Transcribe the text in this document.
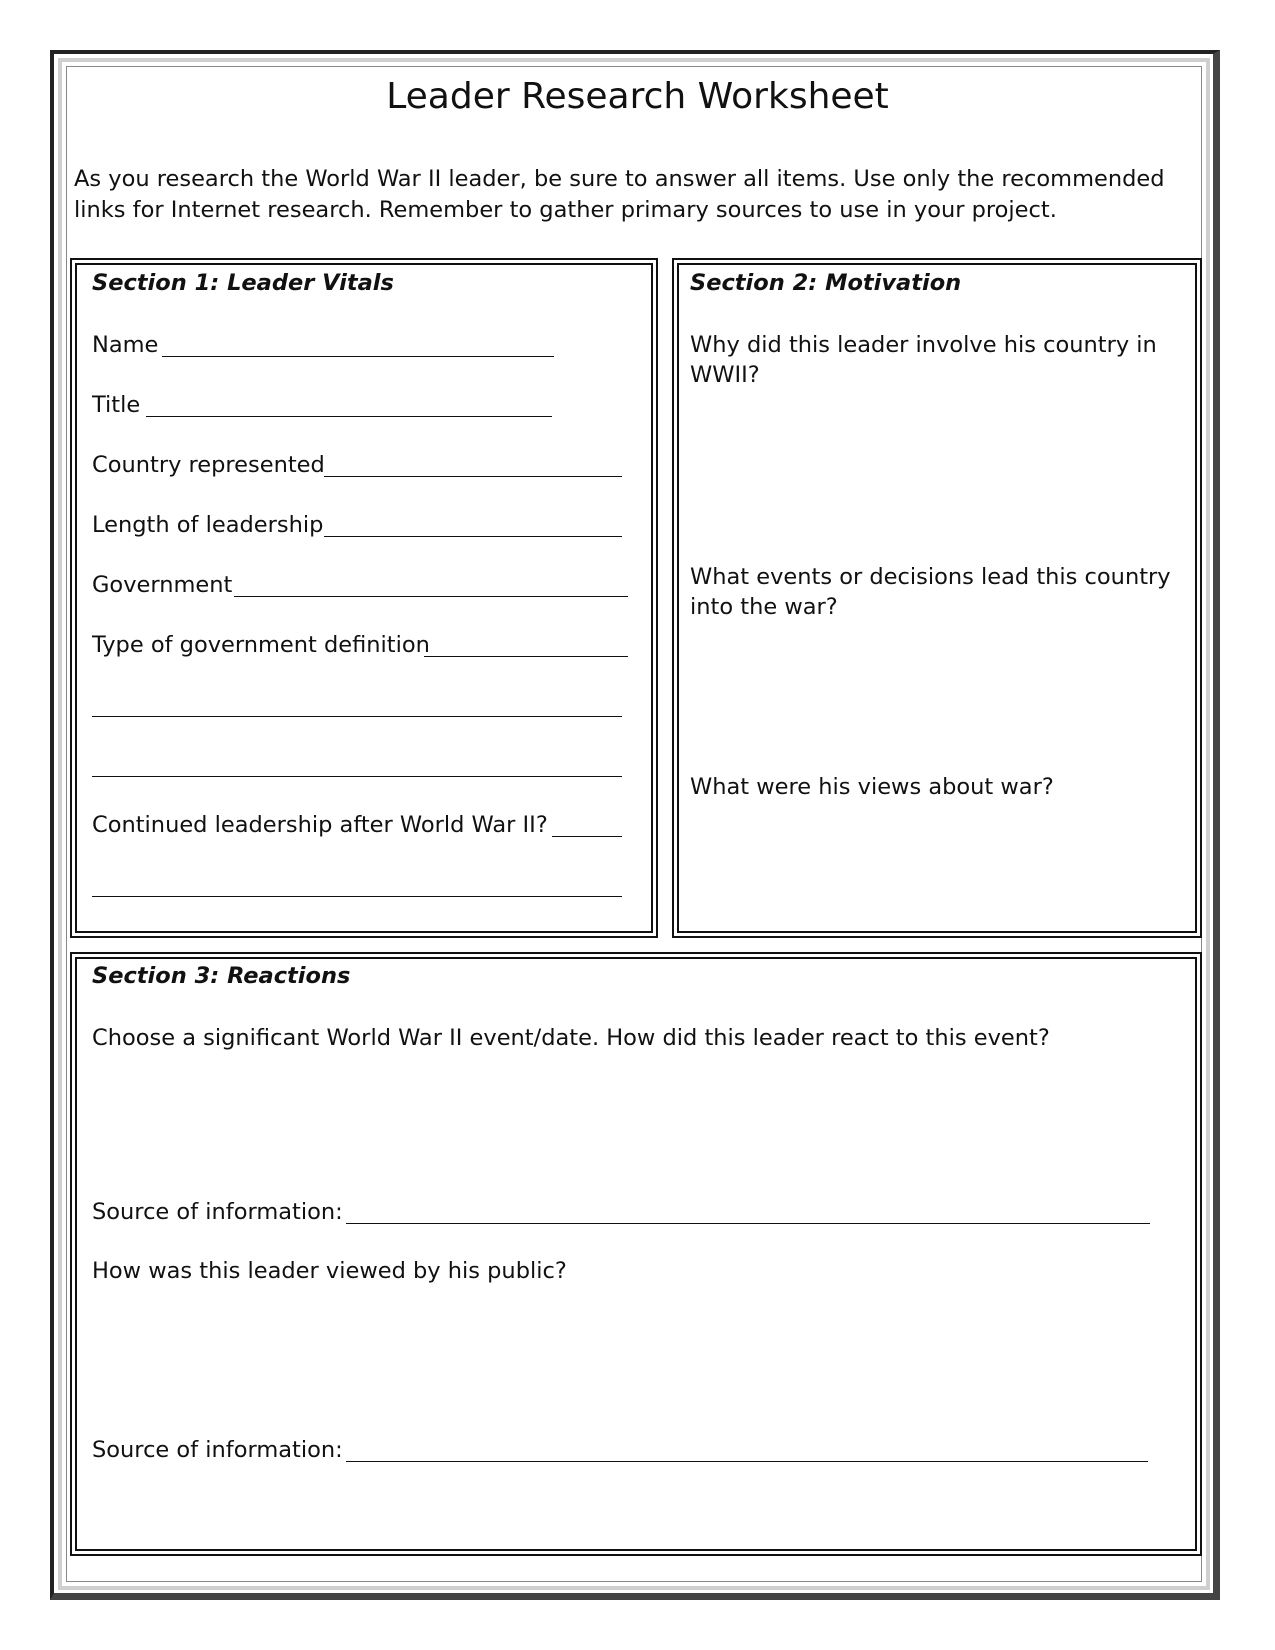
Leader Research Worksheet
As you research the World War II leader, be sure to answer all items. Use only the recommended
links for Internet research. Remember to gather primary sources to use in your project.
Section 1: Leader Vitals
Name
Title
Country represented
Length of leadership
Government
Type of government definition
Continued leadership after World War II?
Section 2: Motivation
Why did this leader involve his country in
WWII?
What events or decisions lead this country
into the war?
What were his views about war?
Section 3: Reactions
Choose a significant World War II event/date. How did this leader react to this event?
Source of information:
How was this leader viewed by his public?
Source of information:
